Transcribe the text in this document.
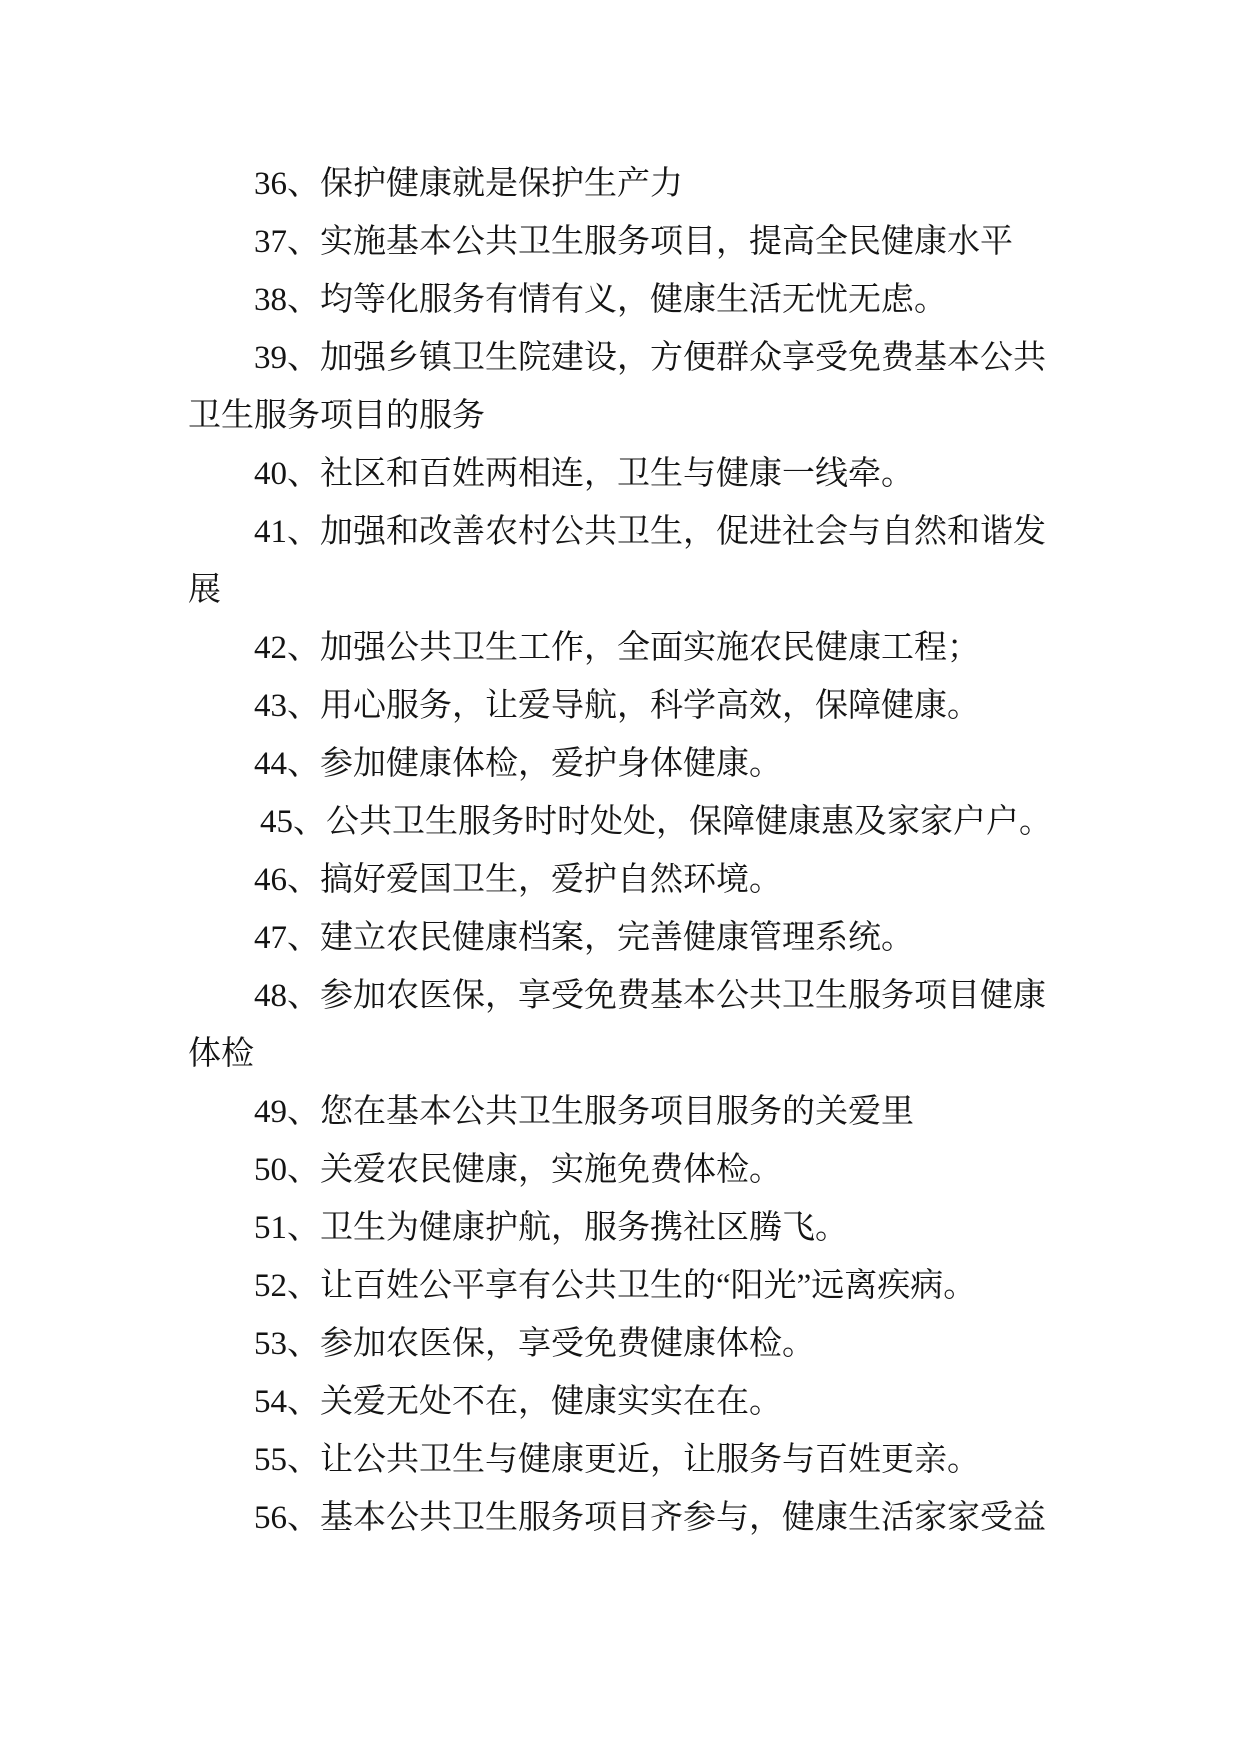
36、保护健康就是保护生产力
37、实施基本公共卫生服务项目，提高全民健康水平
38、均等化服务有情有义，健康生活无忧无虑。
39、加强乡镇卫生院建设，方便群众享受免费基本公共
卫生服务项目的服务
40、社区和百姓两相连，卫生与健康一线牵。
41、加强和改善农村公共卫生，促进社会与自然和谐发
展
42、加强公共卫生工作，全面实施农民健康工程；
43、用心服务，让爱导航，科学高效，保障健康。
44、参加健康体检，爱护身体健康。
45、公共卫生服务时时处处，保障健康惠及家家户户。
46、搞好爱国卫生，爱护自然环境。
47、建立农民健康档案，完善健康管理系统。
48、参加农医保，享受免费基本公共卫生服务项目健康
体检
49、您在基本公共卫生服务项目服务的关爱里
50、关爱农民健康，实施免费体检。
51、卫生为健康护航，服务携社区腾飞。
52、让百姓公平享有公共卫生的“阳光”远离疾病。
53、参加农医保，享受免费健康体检。
54、关爱无处不在，健康实实在在。
55、让公共卫生与健康更近，让服务与百姓更亲。
56、基本公共卫生服务项目齐参与，健康生活家家受益
